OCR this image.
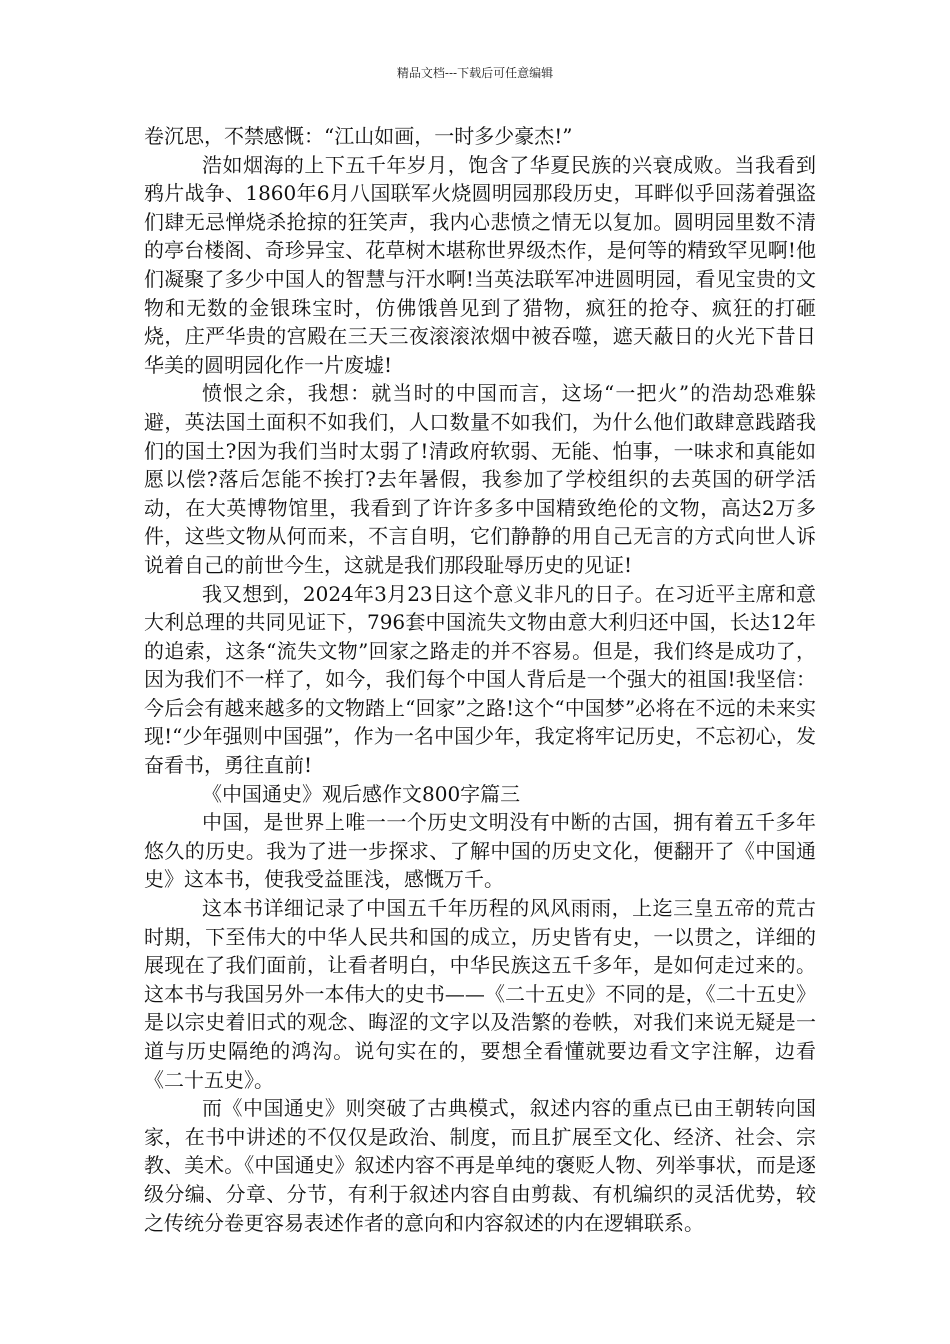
精品文档---下载后可任意编辑

卷沉思，不禁感慨：“江山如画，一时多少豪杰!”

浩如烟海的上下五千年岁月，饱含了华夏民族的兴衰成败。当我看到鸦片战争、1860年6月八国联军火烧圆明园那段历史，耳畔似乎回荡着强盗们肆无忌惮烧杀抢掠的狂笑声，我内心悲愤之情无以复加。圆明园里数不清的亭台楼阁、奇珍异宝、花草树木堪称世界级杰作，是何等的精致罕见啊!他们凝聚了多少中国人的智慧与汗水啊!当英法联军冲进圆明园，看见宝贵的文物和无数的金银珠宝时，仿佛饿兽见到了猎物，疯狂的抢夺、疯狂的打砸烧，庄严华贵的宫殿在三天三夜滚滚浓烟中被吞噬，遮天蔽日的火光下昔日华美的圆明园化作一片废墟!

愤恨之余，我想：就当时的中国而言，这场“一把火”的浩劫恐难躲避，英法国土面积不如我们，人口数量不如我们，为什么他们敢肆意践踏我们的国土?因为我们当时太弱了!清政府软弱、无能、怕事，一味求和真能如愿以偿?落后怎能不挨打?去年暑假，我参加了学校组织的去英国的研学活动，在大英博物馆里，我看到了许许多多中国精致绝伦的文物，高达2万多件，这些文物从何而来，不言自明，它们静静的用自己无言的方式向世人诉说着自己的前世今生，这就是我们那段耻辱历史的见证!

我又想到，2024年3月23日这个意义非凡的日子。在习近平主席和意大利总理的共同见证下，796套中国流失文物由意大利归还中国，长达12年的追索，这条“流失文物”回家之路走的并不容易。但是，我们终是成功了，因为我们不一样了，如今，我们每个中国人背后是一个强大的祖国!我坚信：今后会有越来越多的文物踏上“回家”之路!这个“中国梦”必将在不远的未来实现!“少年强则中国强”，作为一名中国少年，我定将牢记历史，不忘初心，发奋看书，勇往直前!

《中国通史》观后感作文800字篇三

中国，是世界上唯一一个历史文明没有中断的古国，拥有着五千多年悠久的历史。我为了进一步探求、了解中国的历史文化，便翻开了《中国通史》这本书，使我受益匪浅，感慨万千。

这本书详细记录了中国五千年历程的风风雨雨，上迄三皇五帝的荒古时期，下至伟大的中华人民共和国的成立，历史皆有史，一以贯之，详细的展现在了我们面前，让看者明白，中华民族这五千多年，是如何走过来的。这本书与我国另外一本伟大的史书——《二十五史》不同的是，《二十五史》是以宗史着旧式的观念、晦涩的文字以及浩繁的卷帙，对我们来说无疑是一道与历史隔绝的鸿沟。说句实在的，要想全看懂就要边看文字注解，边看《二十五史》。

而《中国通史》则突破了古典模式，叙述内容的重点已由王朝转向国家，在书中讲述的不仅仅是政治、制度，而且扩展至文化、经济、社会、宗教、美术。《中国通史》叙述内容不再是单纯的褒贬人物、列举事状，而是逐级分编、分章、分节，有利于叙述内容自由剪裁、有机编织的灵活优势，较之传统分卷更容易表述作者的意向和内容叙述的内在逻辑联系。
